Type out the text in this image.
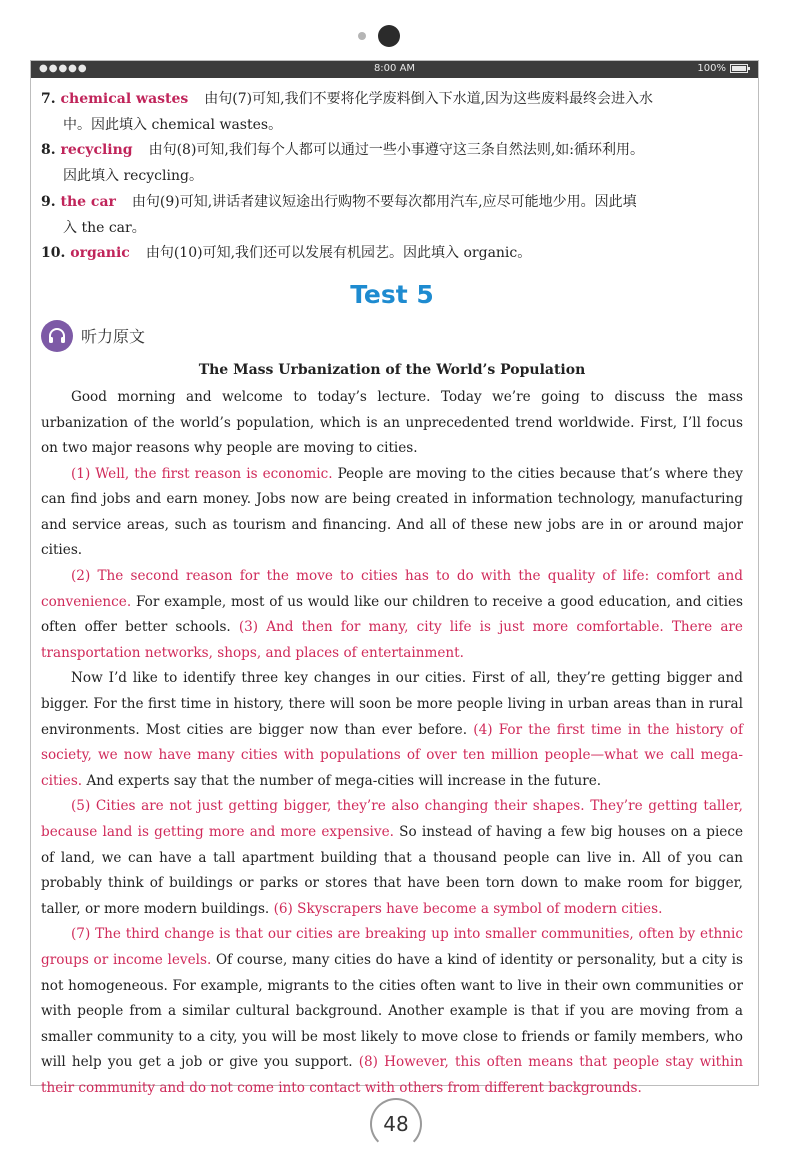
●●●●●	8:00 AM	100%

7. chemical wastes 由句(7)可知,我们不要将化学废料倒入下水道,因为这些废料最终会进入水
中。因此填入 chemical wastes。

8. recycling 由句(8)可知,我们每个人都可以通过一些小事遵守这三条自然法则,如:循环利用。
因此填入 recycling。

9. the car 由句(9)可知,讲话者建议短途出行购物不要每次都用汽车,应尽可能地少用。因此填
入 the car。

10. organic 由句(10)可知,我们还可以发展有机园艺。因此填入 organic。

Test 5
听力原文
The Mass Urbanization of the World’s Population

Good morning and welcome to today’s lecture. Today we’re going to discuss the mass urbanization of the world’s population, which is an unprecedented trend worldwide. First, I’ll focus on two major reasons why people are moving to cities.

(1) Well, the first reason is economic. People are moving to the cities because that’s where they can find jobs and earn money. Jobs now are being created in information technology, manufacturing and service areas, such as tourism and financing. And all of these new jobs are in or around major cities.

(2) The second reason for the move to cities has to do with the quality of life: comfort and convenience. For example, most of us would like our children to receive a good education, and cities often offer better schools. (3) And then for many, city life is just more comfortable. There are transportation networks, shops, and places of entertainment.

Now I’d like to identify three key changes in our cities. First of all, they’re getting bigger and bigger. For the first time in history, there will soon be more people living in urban areas than in rural environments. Most cities are bigger now than ever before. (4) For the first time in the history of society, we now have many cities with populations of over ten million people—what we call mega-cities. And experts say that the number of mega-cities will increase in the future.

(5) Cities are not just getting bigger, they’re also changing their shapes. They’re getting taller, because land is getting more and more expensive. So instead of having a few big houses on a piece of land, we can have a tall apartment building that a thousand people can live in. All of you can probably think of buildings or parks or stores that have been torn down to make room for bigger, taller, or more modern buildings. (6) Skyscrapers have become a symbol of modern cities.

(7) The third change is that our cities are breaking up into smaller communities, often by ethnic groups or income levels. Of course, many cities do have a kind of identity or personality, but a city is not homogeneous. For example, migrants to the cities often want to live in their own communities or with people from a similar cultural background. Another example is that if you are moving from a smaller community to a city, you will be most likely to move close to friends or family members, who will help you get a job or give you support. (8) However, this often means that people stay within their community and do not come into contact with others from different backgrounds.

48
